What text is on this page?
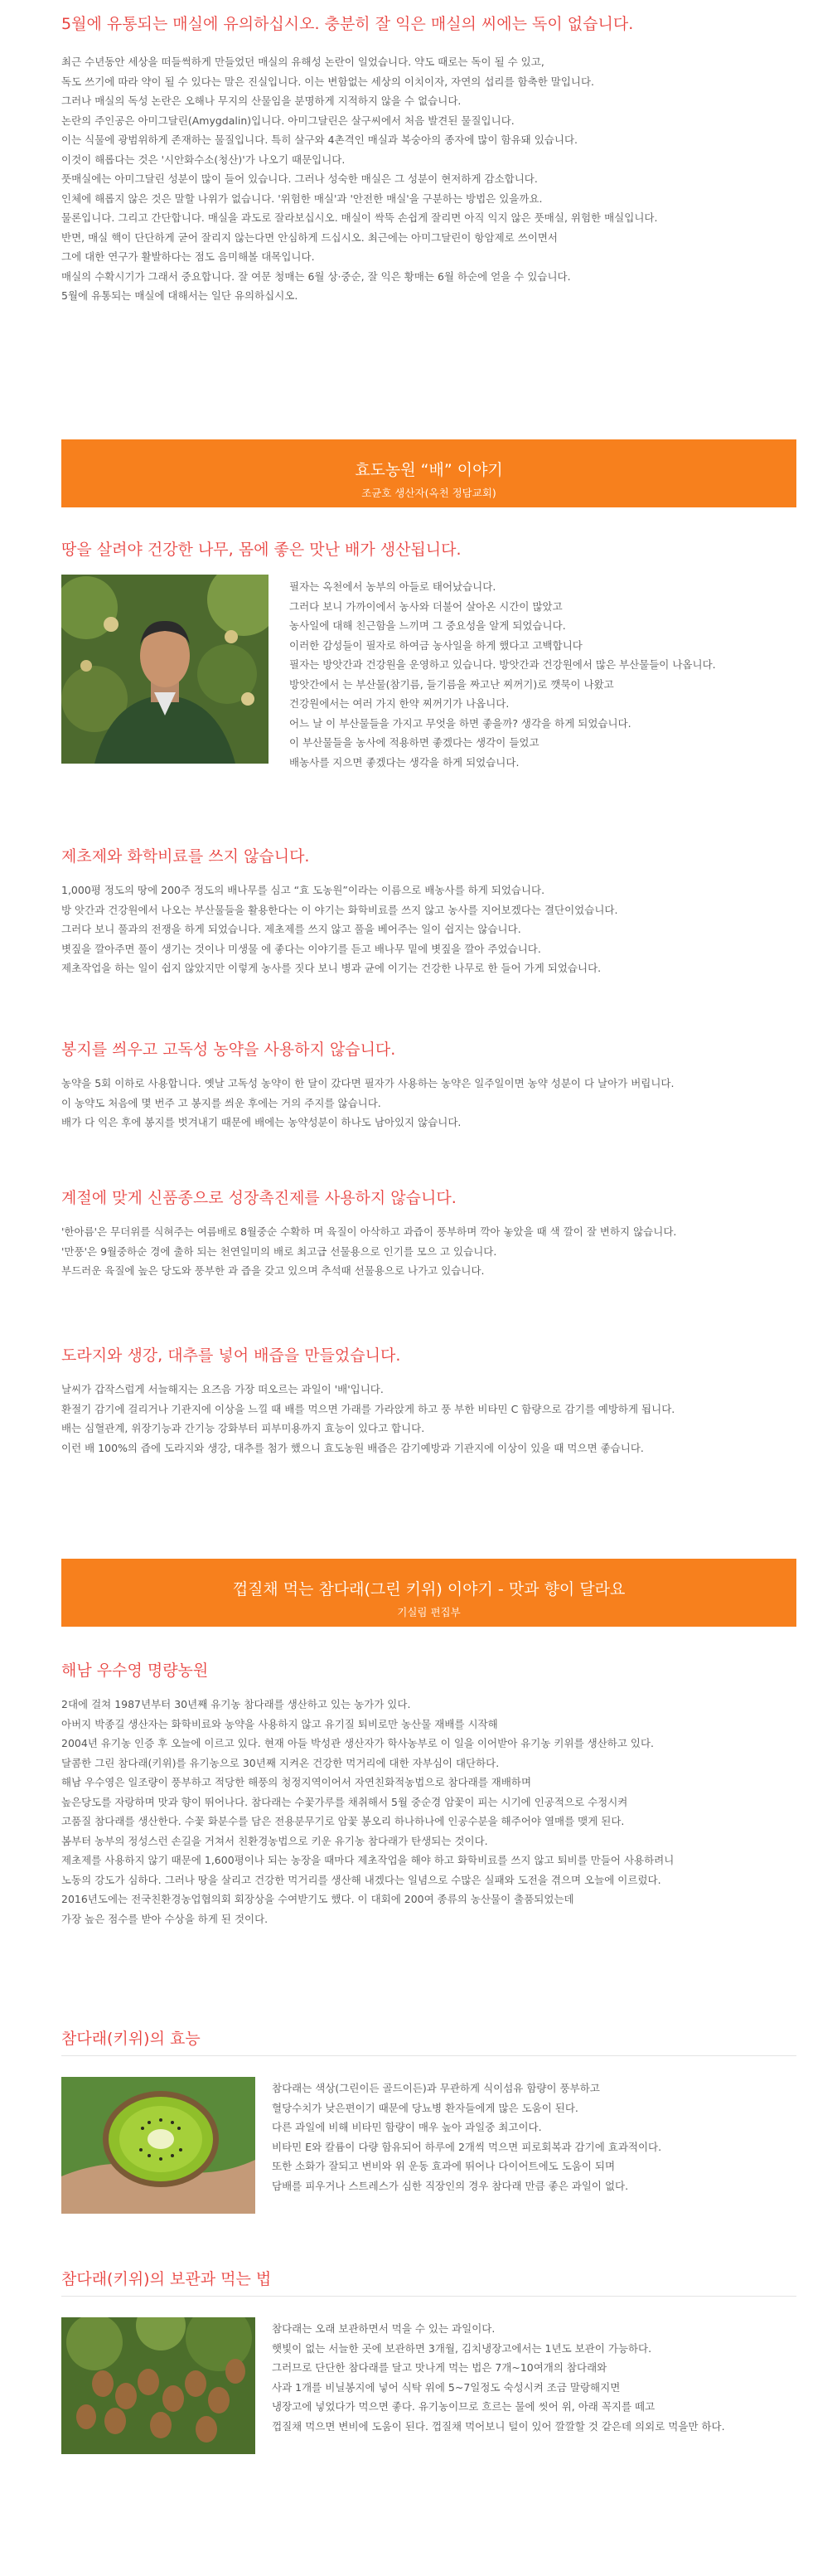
5월에 유통되는 매실에 유의하십시오. 충분히 잘 익은 매실의 씨에는 독이 없습니다.
최근 수년동안 세상을 떠들썩하게 만들었던 매실의 유해성 논란이 일었습니다. 약도 때로는 독이 될 수 있고,
독도 쓰기에 따라 약이 될 수 있다는 말은 진실입니다. 이는 변함없는 세상의 이치이자, 자연의 섭리를 함축한 말입니다.
그러나 매실의 독성 논란은 오해나 무지의 산물임을 분명하게 지적하지 않을 수 없습니다.
논란의 주인공은 아미그달린(Amygdalin)입니다. 아미그달린은 살구씨에서 처음 발견된 물질입니다.
이는 식물에 광범위하게 존재하는 물질입니다. 특히 살구와 4촌격인 매실과 복숭아의 종자에 많이 함유돼 있습니다.
이것이 해롭다는 것은 '시안화수소(청산)'가 나오기 때문입니다.
풋매실에는 아미그달린 성분이 많이 들어 있습니다. 그러나 성숙한 매실은 그 성분이 현저하게 감소합니다.
인체에 해롭지 않은 것은 말할 나위가 없습니다. '위험한 매실'과 '안전한 매실'을 구분하는 방법은 있을까요.
물론입니다. 그리고 간단합니다. 매실을 과도로 잘라보십시오. 매실이 싹뚝 손쉽게 잘리면 아직 익지 않은 풋매실, 위험한 매실입니다.
반면, 매실 핵이 단단하게 굳어 잘리지 않는다면 안심하게 드십시오. 최근에는 아미그달린이 항암제로 쓰이면서
그에 대한 연구가 활발하다는 점도 음미해볼 대목입니다.
매실의 수확시기가 그래서 중요합니다. 잘 여문 청매는 6월 상·중순, 잘 익은 황매는 6월 하순에 얻을 수 있습니다.
5월에 유통되는 매실에 대해서는 일단 유의하십시오.
효도농원 “배” 이야기
조균호 생산자(옥천 정담교회)
땅을 살려야 건강한 나무, 몸에 좋은 맛난 배가 생산됩니다.
필자는 옥천에서 농부의 아들로 태어났습니다.
그러다 보니 가까이에서 농사와 더불어 살아온 시간이 많았고
농사일에 대해 친근함을 느끼며 그 중요성을 알게 되었습니다.
이러한 감성들이 필자로 하여금 농사일을 하게 했다고 고백합니다
필자는 방앗간과 건강원을 운영하고 있습니다. 방앗간과 건강원에서 많은 부산물들이 나옵니다.
방앗간에서 는 부산물(참기름, 들기름을 짜고난 찌꺼기)로 깻묵이 나왔고
건강원에서는 여러 가지 한약 찌꺼기가 나옵니다.
어느 날 이 부산물들을 가지고 무엇을 하면 좋을까? 생각을 하게 되었습니다.
이 부산물들을 농사에 적용하면 좋겠다는 생각이 들었고
배농사를 지으면 좋겠다는 생각을 하게 되었습니다.
제초제와 화학비료를 쓰지 않습니다.
1,000평 정도의 땅에 200주 정도의 배나무를 심고 “효 도농원”이라는 이름으로 배농사를 하게 되었습니다.
방 앗간과 건강원에서 나오는 부산물들을 활용한다는 이 야기는 화학비료를 쓰지 않고 농사를 지어보겠다는 결단이었습니다.
그러다 보니 풀과의 전쟁을 하게 되었습니다. 제초제를 쓰지 않고 풀을 베어주는 일이 쉽지는 않습니다.
볏짚을 깔아주면 풀이 생기는 것이나 미생물 에 좋다는 이야기를 듣고 배나무 밑에 볏짚을 깔아 주었습니다.
제초작업을 하는 일이 쉽지 않았지만 이렇게 농사를 짓다 보니 병과 균에 이기는 건강한 나무로 한 들어 가게 되었습니다.
봉지를 씌우고 고독성 농약을 사용하지 않습니다.
농약을 5회 이하로 사용합니다. 옛날 고독성 농약이 한 달이 갔다면 필자가 사용하는 농약은 일주일이면 농약 성분이 다 날아가 버립니다.
이 농약도 처음에 몇 번주 고 봉지를 씌운 후에는 거의 주지를 않습니다.
배가 다 익은 후에 봉지를 벗겨내기 때문에 배에는 농약성분이 하나도 남아있지 않습니다.
계절에 맞게 신품종으로 성장촉진제를 사용하지 않습니다.
'한아름'은 무더위를 식혀주는 여름배로 8월중순 수확하 며 육질이 아삭하고 과즙이 풍부하며 깍아 놓았을 때 색 깔이 잘 변하지 않습니다.
'만풍'은 9월중하순 경에 출하 되는 천연일미의 배로 최고급 선물용으로 인기를 모으 고 있습니다.
부드러운 육질에 높은 당도와 풍부한 과 즙을 갖고 있으며 추석때 선물용으로 나가고 있습니다.
도라지와 생강, 대추를 넣어 배즙을 만들었습니다.
날씨가 갑작스럽게 서늘해지는 요즈음 가장 떠오르는 과일이 '배'입니다.
환절기 감기에 걸리거나 기관지에 이상을 느낄 때 배를 먹으면 가래를 가라앉게 하고 풍 부한 비타민 C 함량으로 감기를 예방하게 됩니다.
배는 심혈관계, 위장기능과 간기능 강화부터 피부미용까지 효능이 있다고 합니다.
이런 배 100%의 즙에 도라지와 생강, 대추를 첨가 했으니 효도농원 배즙은 감기예방과 기관지에 이상이 있을 때 먹으면 좋습니다.
껍질채 먹는 참다래(그린 키위) 이야기 - 맛과 향이 달라요
기실림 편집부
해남 우수영 명량농원
2대에 걸쳐 1987년부터 30년째 유기농 참다래를 생산하고 있는 농가가 있다.
아버지 박종길 생산자는 화학비료와 농약을 사용하지 않고 유기질 퇴비로만 농산물 재배를 시작해
2004년 유기농 인증 후 오늘에 이르고 있다. 현재 아들 박성관 생산자가 학사농부로 이 일을 이어받아 유기농 키위를 생산하고 있다.
달콤한 그린 참다래(키위)를 유기농으로 30년째 지켜온 건강한 먹거리에 대한 자부심이 대단하다.
해남 우수영은 일조량이 풍부하고 적당한 해풍의 청정지역이어서 자연친화적농법으로 참다래를 재배하며
높은당도를 자랑하며 맛과 향이 뛰어나다. 참다래는 수꽃가루를 채취해서 5월 중순경 암꽃이 피는 시기에 인공적으로 수정시켜
고품질 참다래를 생산한다. 수꽃 화분수를 담은 전용분무기로 암꽃 봉오리 하나하나에 인공수분을 해주어야 열매를 맺게 된다.
봄부터 농부의 정성스런 손길을 거쳐서 친환경농법으로 키운 유기농 참다래가 탄생되는 것이다.
제초제를 사용하지 않기 때문에 1,600평이나 되는 농장을 때마다 제초작업을 해야 하고 화학비료를 쓰지 않고 퇴비를 만들어 사용하려니
노동의 강도가 심하다. 그러나 땅을 살리고 건강한 먹거리를 생산해 내겠다는 일념으로 수많은 실패와 도전을 겪으며 오늘에 이르렀다.
2016년도에는 전국친환경농업협의회 회장상을 수여받기도 했다. 이 대회에 200여 종류의 농산물이 출품되었는데
가장 높은 점수를 받아 수상을 하게 된 것이다.
참다래(키위)의 효능
참다래는 색상(그린이든 골드이든)과 무관하게 식이섬유 함량이 풍부하고
혈당수치가 낮은편이기 때문에 당뇨병 환자들에게 많은 도움이 된다.
다른 과일에 비해 비타민 함량이 매우 높아 과일중 최고이다.
비타민 E와 칼륨이 다량 함유되어 하루에 2개씩 먹으면 피로회복과 감기에 효과적이다.
또한 소화가 잘되고 변비와 위 운동 효과에 뛰어나 다이어트에도 도움이 되며
담배를 피우거나 스트레스가 심한 직장인의 경우 참다래 만큼 좋은 과일이 없다.
참다래(키위)의 보관과 먹는 법
참다래는 오래 보관하면서 먹을 수 있는 과일이다.
햇빛이 없는 서늘한 곳에 보관하면 3개월, 김치냉장고에서는 1년도 보관이 가능하다.
그러므로 단단한 참다래를 달고 맛나게 먹는 법은 7개~10여개의 참다래와
사과 1개를 비닐봉지에 넣어 식탁 위에 5~7일정도 숙성시켜 조금 말랑해지면
냉장고에 넣었다가 먹으면 좋다. 유기농이므로 흐르는 물에 씻어 위, 아래 꼭지를 떼고
껍질채 먹으면 변비에 도움이 된다. 껍질채 먹어보니 털이 있어 깔깔할 것 같은데 의외로 먹을만 하다.
